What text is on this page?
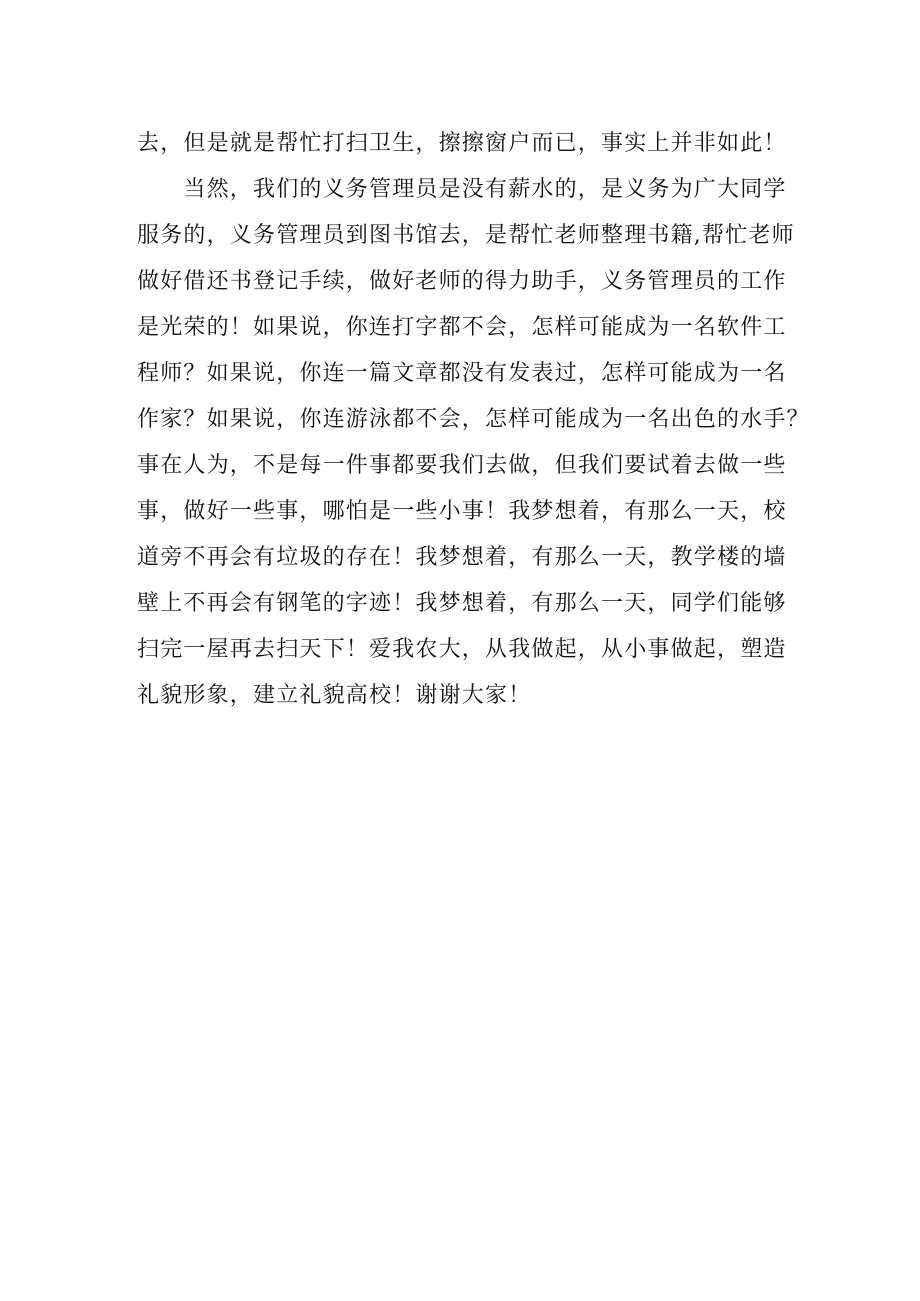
去，但是就是帮忙打扫卫生，擦擦窗户而已，事实上并非如此！
　　当然，我们的义务管理员是没有薪水的，是义务为广大同学
服务的，义务管理员到图书馆去，是帮忙老师整理书籍,帮忙老师
做好借还书登记手续，做好老师的得力助手，义务管理员的工作
是光荣的！如果说，你连打字都不会，怎样可能成为一名软件工
程师？如果说，你连一篇文章都没有发表过，怎样可能成为一名
作家？如果说，你连游泳都不会，怎样可能成为一名出色的水手？
事在人为，不是每一件事都要我们去做，但我们要试着去做一些
事，做好一些事，哪怕是一些小事！我梦想着，有那么一天，校
道旁不再会有垃圾的存在！我梦想着，有那么一天，教学楼的墙
壁上不再会有钢笔的字迹！我梦想着，有那么一天，同学们能够
扫完一屋再去扫天下！爱我农大，从我做起，从小事做起，塑造
礼貌形象，建立礼貌高校！谢谢大家！
